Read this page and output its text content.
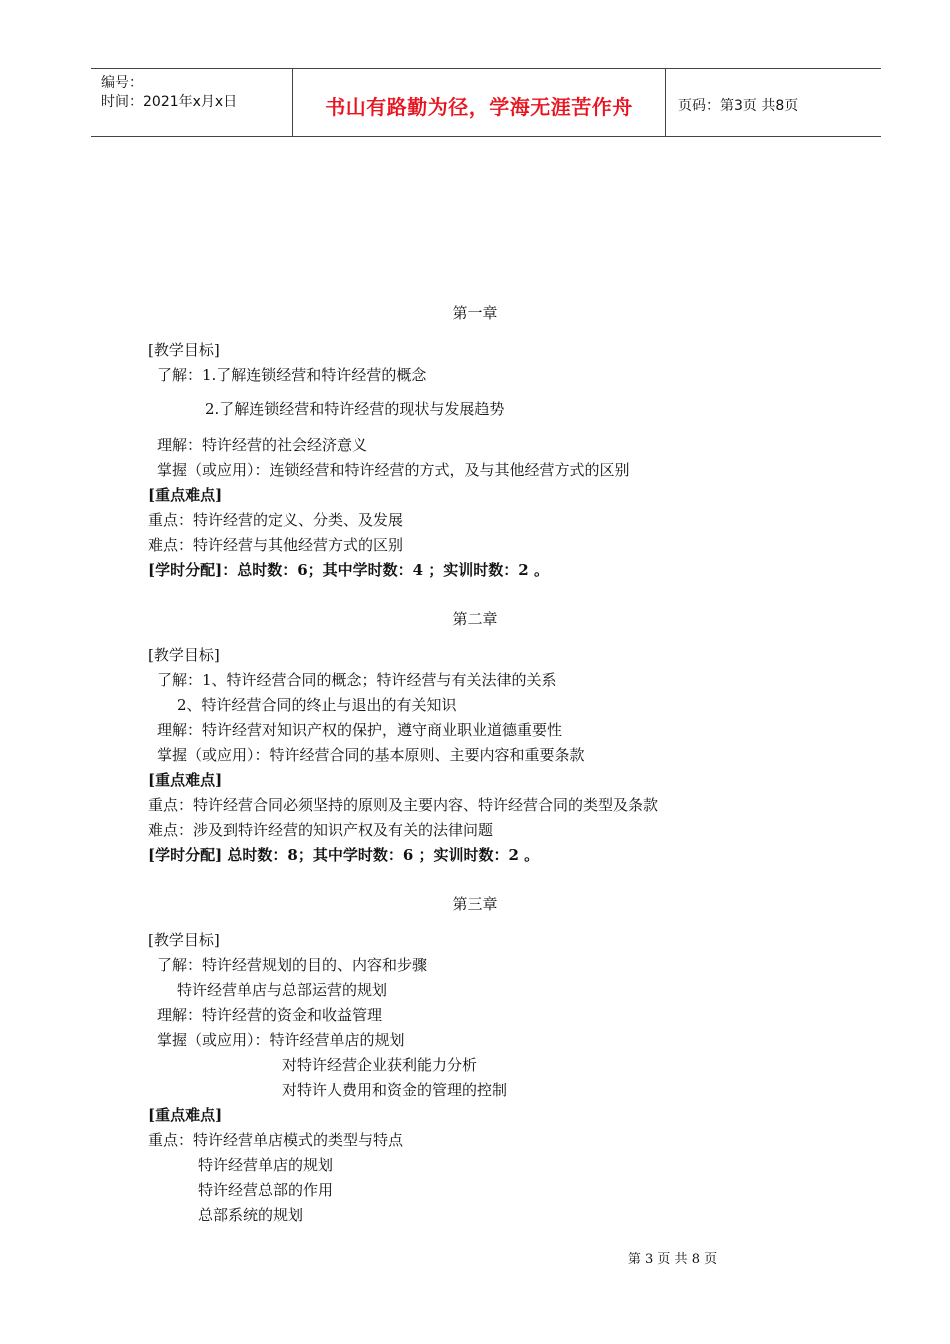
编号：
时间：2021年x月x日	书山有路勤为径，学海无涯苦作舟	页码：第3页 共8页
第一章
[教学目标]
了解：1.了解连锁经营和特许经营的概念
2.了解连锁经营和特许经营的现状与发展趋势
理解：特许经营的社会经济意义
掌握（或应用）：连锁经营和特许经营的方式，及与其他经营方式的区别
[重点难点]
重点：特许经营的定义、分类、及发展
难点：特许经营与其他经营方式的区别
[学时分配]：总时数：6；其中学时数：4 ；实训时数：2 。
第二章
[教学目标]
了解：1、特许经营合同的概念；特许经营与有关法律的关系
2、特许经营合同的终止与退出的有关知识
理解：特许经营对知识产权的保护，遵守商业职业道德重要性
掌握（或应用）：特许经营合同的基本原则、主要内容和重要条款
[重点难点]
重点：特许经营合同必须坚持的原则及主要内容、特许经营合同的类型及条款
难点：涉及到特许经营的知识产权及有关的法律问题
[学时分配] 总时数：8；其中学时数：6 ；实训时数：2 。
第三章
[教学目标]
了解：特许经营规划的目的、内容和步骤
特许经营单店与总部运营的规划
理解：特许经营的资金和收益管理
掌握（或应用）：特许经营单店的规划
对特许经营企业获利能力分析
对特许人费用和资金的管理的控制
[重点难点]
重点：特许经营单店模式的类型与特点
特许经营单店的规划
特许经营总部的作用
总部系统的规划
第 3 页 共 8 页
